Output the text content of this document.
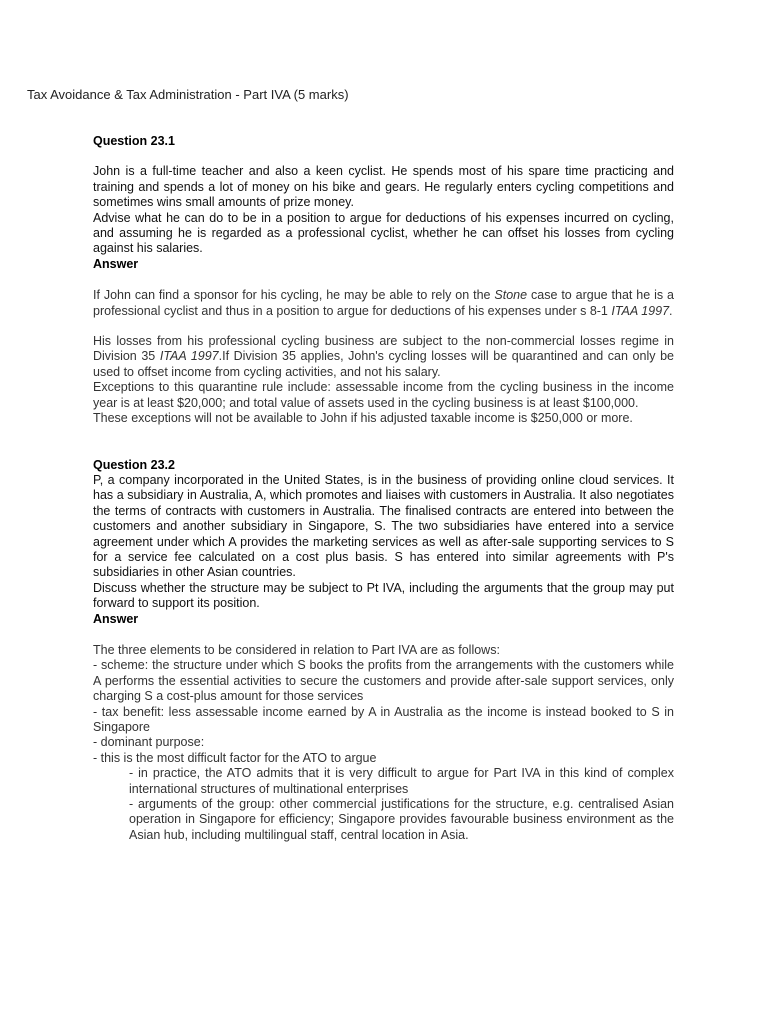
Tax Avoidance & Tax Administration - Part IVA (5 marks)

Question 23.1

John is a full-time teacher and also a keen cyclist. He spends most of his spare time practicing and training and spends a lot of money on his bike and gears. He regularly enters cycling competitions and sometimes wins small amounts of prize money.

Advise what he can do to be in a position to argue for deductions of his expenses incurred on cycling, and assuming he is regarded as a professional cyclist, whether he can offset his losses from cycling against his salaries.

Answer

If John can find a sponsor for his cycling, he may be able to rely on the Stone case to argue that he is a professional cyclist and thus in a position to argue for deductions of his expenses under s 8-1 ITAA 1997.

His losses from his professional cycling business are subject to the non-commercial losses regime in Division 35 ITAA 1997.If Division 35 applies, John's cycling losses will be quarantined and can only be used to offset income from cycling activities, and not his salary.

Exceptions to this quarantine rule include: assessable income from the cycling business in the income year is at least $20,000; and total value of assets used in the cycling business is at least $100,000.

These exceptions will not be available to John if his adjusted taxable income is $250,000 or more.

Question 23.2

P, a company incorporated in the United States, is in the business of providing online cloud services. It has a subsidiary in Australia, A, which promotes and liaises with customers in Australia. It also negotiates the terms of contracts with customers in Australia. The finalised contracts are entered into between the customers and another subsidiary in Singapore, S. The two subsidiaries have entered into a service agreement under which A provides the marketing services as well as after-sale supporting services to S for a service fee calculated on a cost plus basis. S has entered into similar agreements with P's subsidiaries in other Asian countries.

Discuss whether the structure may be subject to Pt IVA, including the arguments that the group may put forward to support its position.

Answer

The three elements to be considered in relation to Part IVA are as follows:

- scheme: the structure under which S books the profits from the arrangements with the customers while A performs the essential activities to secure the customers and provide after-sale support services, only charging S a cost-plus amount for those services

- tax benefit: less assessable income earned by A in Australia as the income is instead booked to S in Singapore

- dominant purpose:

- this is the most difficult factor for the ATO to argue

- in practice, the ATO admits that it is very difficult to argue for Part IVA in this kind of complex international structures of multinational enterprises

- arguments of the group: other commercial justifications for the structure, e.g. centralised Asian operation in Singapore for efficiency; Singapore provides favourable business environment as the Asian hub, including multilingual staff, central location in Asia.
